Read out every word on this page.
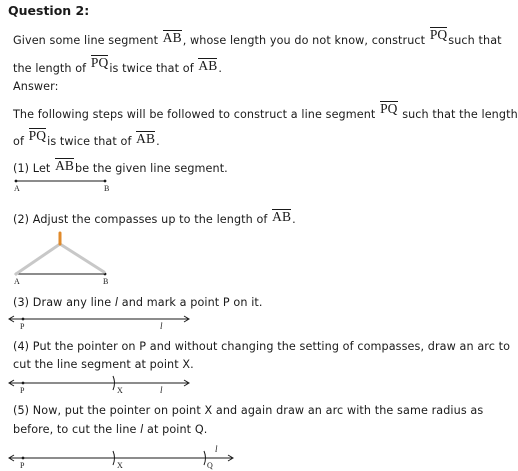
Question 2:
Given some line segment AB, whose length you do not know, construct PQsuch that
the length of PQis twice that of AB.
Answer:
The following steps will be followed to construct a line segment PQ such that the length
of PQis twice that of AB.
(1) Let ABbe the given line segment.
(2) Adjust the compasses up to the length of AB.
(3) Draw any line l and mark a point P on it.
(4) Put the pointer on P and without changing the setting of compasses, draw an arc to
cut the line segment at point X.
(5) Now, put the pointer on point X and again draw an arc with the same radius as
before, to cut the line l at point Q.
A	B
A	B
P	l
P	X	l
P	X	Q
l
